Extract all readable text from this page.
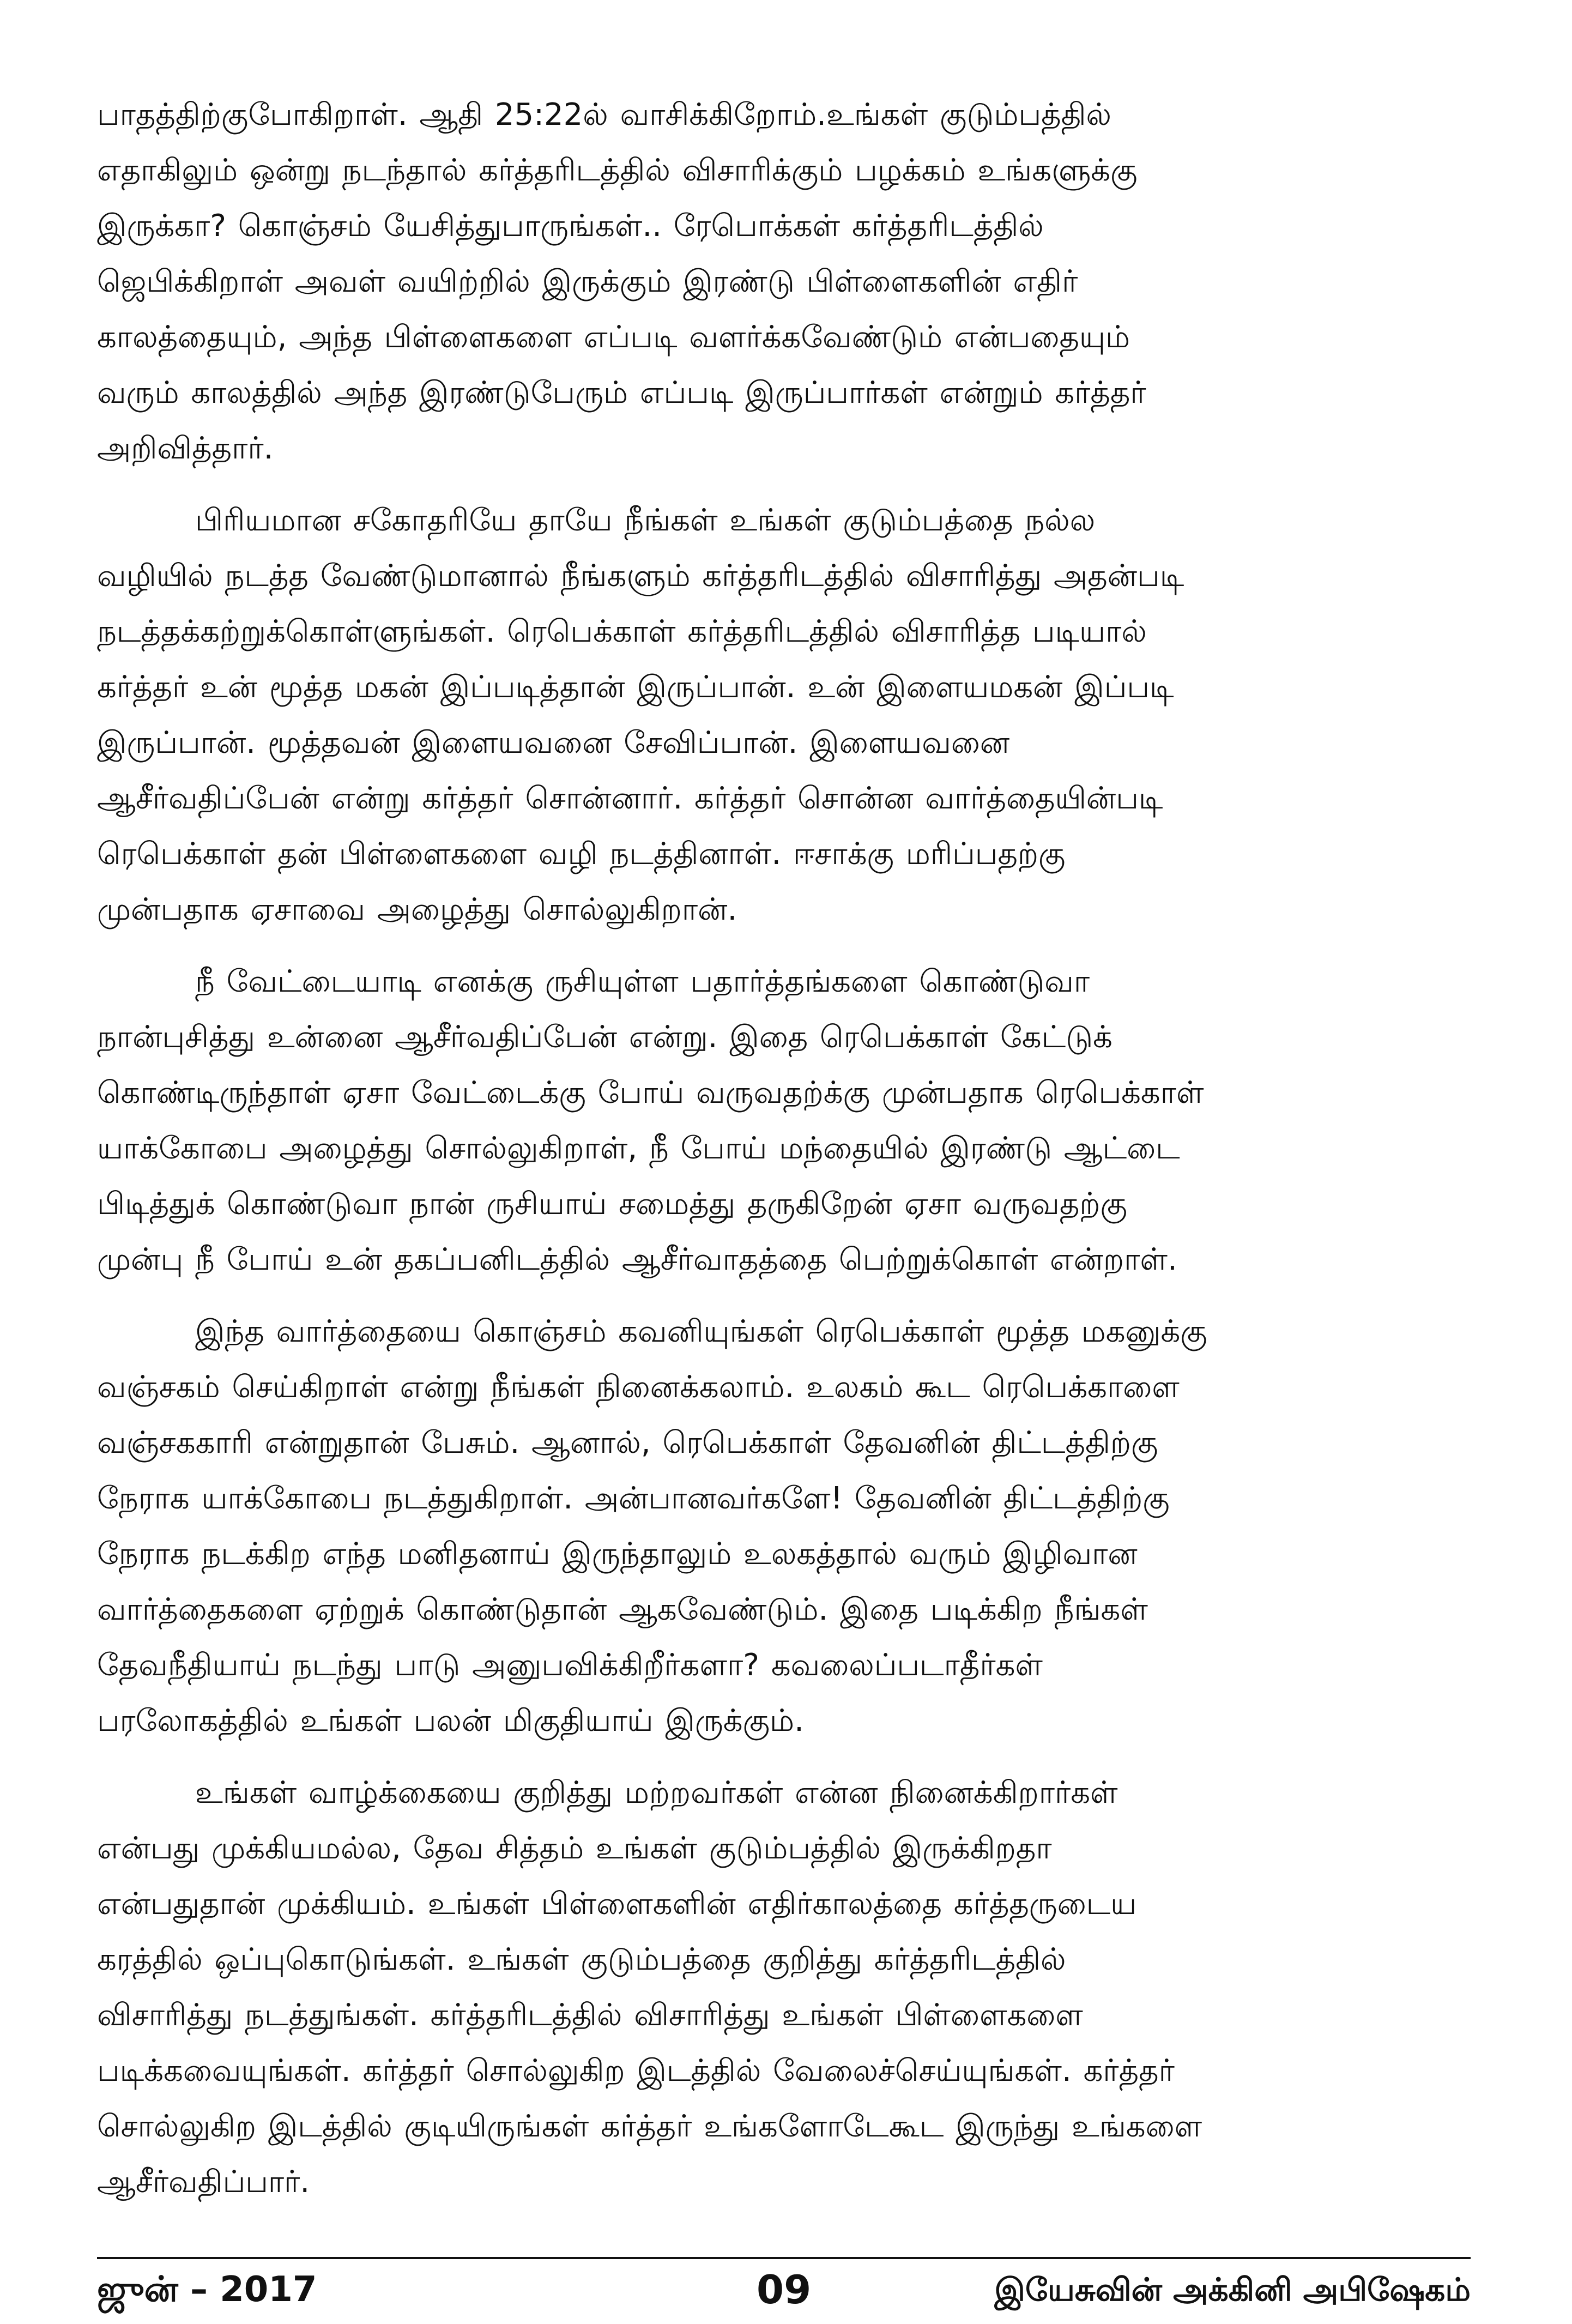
பாதத்திற்குபோகிறாள். ஆதி 25:22ல் வாசிக்கிறோம்.உங்கள் குடும்பத்தில்
எதாகிலும் ஒன்று நடந்தால் கர்த்தரிடத்தில் விசாரிக்கும் பழக்கம் உங்களுக்கு
இருக்கா? கொஞ்சம் யேசித்துபாருங்கள்.. ரேபொக்கள் கர்த்தரிடத்தில்
ஜெபிக்கிறாள் அவள் வயிற்றில் இருக்கும் இரண்டு பிள்ளைகளின் எதிர்
காலத்தையும், அந்த பிள்ளைகளை எப்படி வளர்க்கவேண்டும் என்பதையும்
வரும் காலத்தில் அந்த இரண்டுபேரும் எப்படி இருப்பார்கள் என்றும் கர்த்தர்
அறிவித்தார்.

பிரியமான சகோதரியே தாயே நீங்கள் உங்கள் குடும்பத்தை நல்ல
வழியில் நடத்த வேண்டுமானால் நீங்களும் கர்த்தரிடத்தில் விசாரித்து அதன்படி
நடத்தக்கற்றுக்கொள்ளுங்கள். ரெபெக்காள் கர்த்தரிடத்தில் விசாரித்த படியால்
கர்த்தர் உன் மூத்த மகன் இப்படித்தான் இருப்பான். உன் இளையமகன் இப்படி
இருப்பான். மூத்தவன் இளையவனை சேவிப்பான். இளையவனை
ஆசீர்வதிப்பேன் என்று கர்த்தர் சொன்னார். கர்த்தர் சொன்ன வார்த்தையின்படி
ரெபெக்காள் தன் பிள்ளைகளை வழி நடத்தினாள். ஈசாக்கு மரிப்பதற்கு
முன்பதாக ஏசாவை அழைத்து சொல்லுகிறான்.

நீ வேட்டையாடி எனக்கு ருசியுள்ள பதார்த்தங்களை கொண்டுவா
நான்புசித்து உன்னை ஆசீர்வதிப்பேன் என்று. இதை ரெபெக்காள் கேட்டுக்
கொண்டிருந்தாள் ஏசா வேட்டைக்கு போய் வருவதற்க்கு முன்பதாக ரெபெக்காள்
யாக்கோபை அழைத்து சொல்லுகிறாள், நீ போய் மந்தையில் இரண்டு ஆட்டை
பிடித்துக் கொண்டுவா நான் ருசியாய் சமைத்து தருகிறேன் ஏசா வருவதற்கு
முன்பு நீ போய் உன் தகப்பனிடத்தில் ஆசீர்வாதத்தை பெற்றுக்கொள் என்றாள்.

இந்த வார்த்தையை கொஞ்சம் கவனியுங்கள் ரெபெக்காள் மூத்த மகனுக்கு
வஞ்சகம் செய்கிறாள் என்று நீங்கள் நினைக்கலாம். உலகம் கூட ரெபெக்காளை
வஞ்சககாரி என்றுதான் பேசும். ஆனால், ரெபெக்காள் தேவனின் திட்டத்திற்கு
நேராக யாக்கோபை நடத்துகிறாள். அன்பானவர்களே! தேவனின் திட்டத்திற்கு
நேராக நடக்கிற எந்த மனிதனாய் இருந்தாலும் உலகத்தால் வரும் இழிவான
வார்த்தைகளை ஏற்றுக் கொண்டுதான் ஆகவேண்டும். இதை படிக்கிற நீங்கள்
தேவநீதியாய் நடந்து பாடு அனுபவிக்கிறீர்களா? கவலைப்படாதீர்கள்
பரலோகத்தில் உங்கள் பலன் மிகுதியாய் இருக்கும்.

உங்கள் வாழ்க்கையை குறித்து மற்றவர்கள் என்ன நினைக்கிறார்கள்
என்பது முக்கியமல்ல, தேவ சித்தம் உங்கள் குடும்பத்தில் இருக்கிறதா
என்பதுதான் முக்கியம். உங்கள் பிள்ளைகளின் எதிர்காலத்தை கர்த்தருடைய
கரத்தில் ஒப்புகொடுங்கள். உங்கள் குடும்பத்தை குறித்து கர்த்தரிடத்தில்
விசாரித்து நடத்துங்கள். கர்த்தரிடத்தில் விசாரித்து உங்கள் பிள்ளைகளை
படிக்கவையுங்கள். கர்த்தர் சொல்லுகிற இடத்தில் வேலைச்செய்யுங்கள். கர்த்தர்
சொல்லுகிற இடத்தில் குடியிருங்கள் கர்த்தர் உங்களோடேகூட இருந்து உங்களை
ஆசீர்வதிப்பார்.

ஜுன் – 2017	09	இயேசுவின் அக்கினி அபிஷேகம்
